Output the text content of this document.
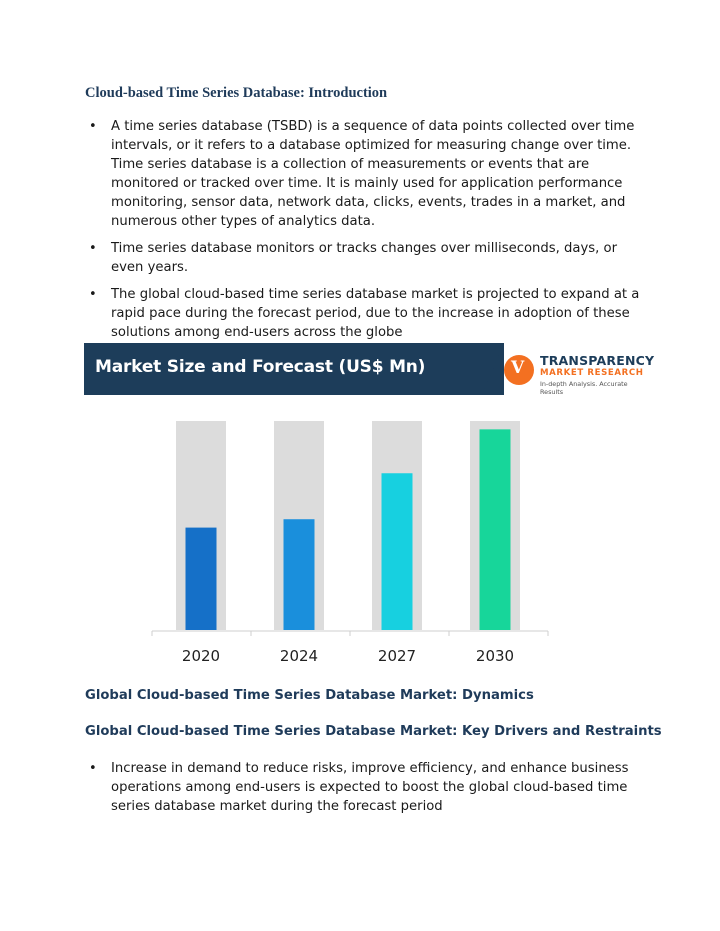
Cloud-based Time Series Database: Introduction
• A time series database (TSBD) is a sequence of data points collected over time intervals, or it refers to a database optimized for measuring change over time. Time series database is a collection of measurements or events that are monitored or tracked over time. It is mainly used for application performance monitoring, sensor data, network data, clicks, events, trades in a market, and numerous other types of analytics data.
• Time series database monitors or tracks changes over milliseconds, days, or even years.
• The global cloud-based time series database market is projected to expand at a rapid pace during the forecast period, due to the increase in adoption of these solutions among end-users across the globe
Market Size and Forecast (US$ Mn)	V TRANSPARENCY
MARKET RESEARCH
In-depth Analysis. Accurate Results
2020	2024	2027	2030
Global Cloud-based Time Series Database Market: Dynamics
Global Cloud-based Time Series Database Market: Key Drivers and Restraints
• Increase in demand to reduce risks, improve efficiency, and enhance business operations among end-users is expected to boost the global cloud-based time series database market during the forecast period
